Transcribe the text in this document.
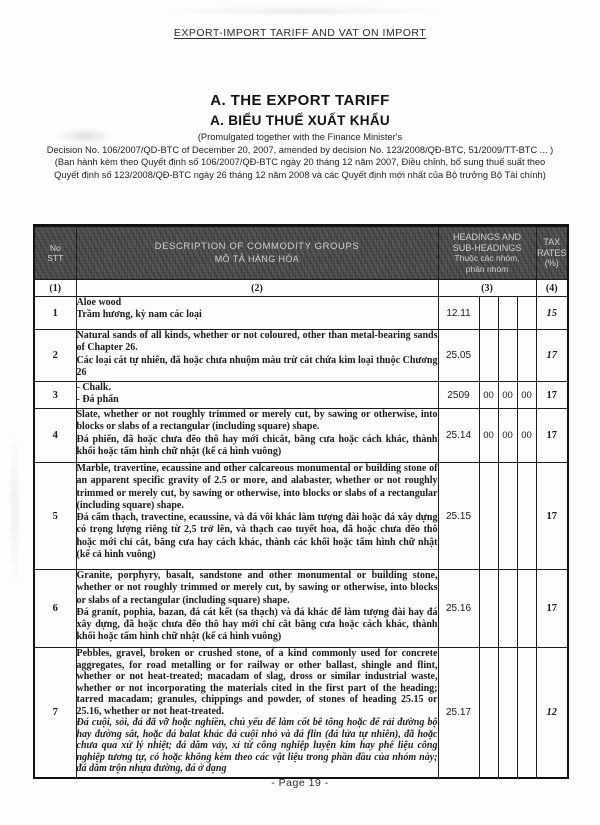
EXPORT-IMPORT TARIFF AND VAT ON IMPORT
A. THE EXPORT TARIFF
A. BIỂU THUẾ XUẤT KHẨU
(Promulgated together with the Finance Minister's
Decision No. 106/2007/QD-BTC of December 20, 2007, amended by decision No. 123/2008/QĐ-BTC, 51/2009/TT-BTC ... )
(Ban hành kèm theo Quyết định số 106/2007/QĐ-BTC ngày 20 tháng 12 năm 2007, Điều chỉnh, bổ sung thuế suất theo
Quyết định số 123/2008/QĐ-BTC ngày 26 tháng 12 năm 2008 và các Quyết định mới nhất của Bộ trưởng Bộ Tài chính)
No
STT

DESCRIPTION OF COMMODITY GROUPS
MÔ TẢ HÀNG HÓA

HEADINGS AND
SUB-HEADINGS
Thuộc các nhóm,
phân nhóm

TAX
RATES
(%)

(1)	(2)	(3)				(4)
1	Aloe wood
Trầm hương, kỳ nam các loại	12.11				15
2	Natural sands of all kinds, whether or not coloured, other than metal-bearing sands of Chapter 26.
Các loại cát tự nhiên, đã hoặc chưa nhuộm màu trừ cát chứa kim loại thuộc Chương 26	25.05				17
3	- Chalk.
- Đá phấn	2509	00	00	00	17
4	Slate, whether or not roughly trimmed or merely cut, by sawing or otherwise, into blocks or slabs of a rectangular (including square) shape.
Đá phiến, đã hoặc chưa đẽo thô hay mới chicắt, bằng cưa hoặc cách khác, thành khối hoặc tấm hình chữ nhật (kể cả hình vuông)	25.14	00	00	00	17
5	Marble, travertine, ecaussine and other calcareous monumental or building stone of an apparent specific gravity of 2.5 or more, and alabaster, whether or not roughly trimmed or merely cut, by sawing or otherwise, into blocks or slabs of a rectangular (including square) shape.
Đá cẩm thạch, travectine, ecaussine, và đá vôi khác làm tượng đài hoặc đá xây dựng có trọng lượng riêng từ 2,5 trở lên, và thạch cao tuyết hoa, đã hoặc chưa đẽo thô hoặc mới chỉ cắt, bằng cưa hay cách khác, thành các khối hoặc tấm hình chữ nhật (kể cả hình vuông)	25.15				17
6	Granite, porphyry, basalt, sandstone and other monumental or building stone, whether or not roughly trimmed or merely cut, by sawing or otherwise, into blocks or slabs of a rectangular (including square) shape.
Đá granít, pophia, bazan, đá cát kết (sa thạch) và đá khác để làm tượng đài hay đá xây dựng, đã hoặc chưa đẽo thô hay mới chỉ cắt bằng cưa hoặc cách khác, thành khối hoặc tấm hình chữ nhật (kể cả hình vuông)	25.16				17
7	Pebbles, gravel, broken or crushed stone, of a kind commonly used for concrete aggregates, for road metalling or for railway or other ballast, shingle and flint, whether or not heat-treated; macadam of slag, dross or similar industrial waste, whether or not incorporating the materials cited in the first part of the heading; tarred macadam; granules, chippings and powder, of stones of heading 25.15 or 25.16, whether or not heat-treated.
Đá cuội, sỏi, đá đã vỡ hoặc nghiền, chủ yếu để làm cốt bê tông hoặc để rải đường bộ hay đường sắt, hoặc đá balat khác đá cuội nhỏ và đá flin (đá lửa tự nhiên), đã hoặc chưa qua xử lý nhiệt; đá dăm vảy, xỉ từ công nghiệp luyện kim hay phế liệu công nghiệp tương tự, có hoặc không kèm theo các vật liệu trong phần đầu của nhóm này; đá dăm trộn nhựa đường, đá ở dạng	25.17				12
- Page 19 -
